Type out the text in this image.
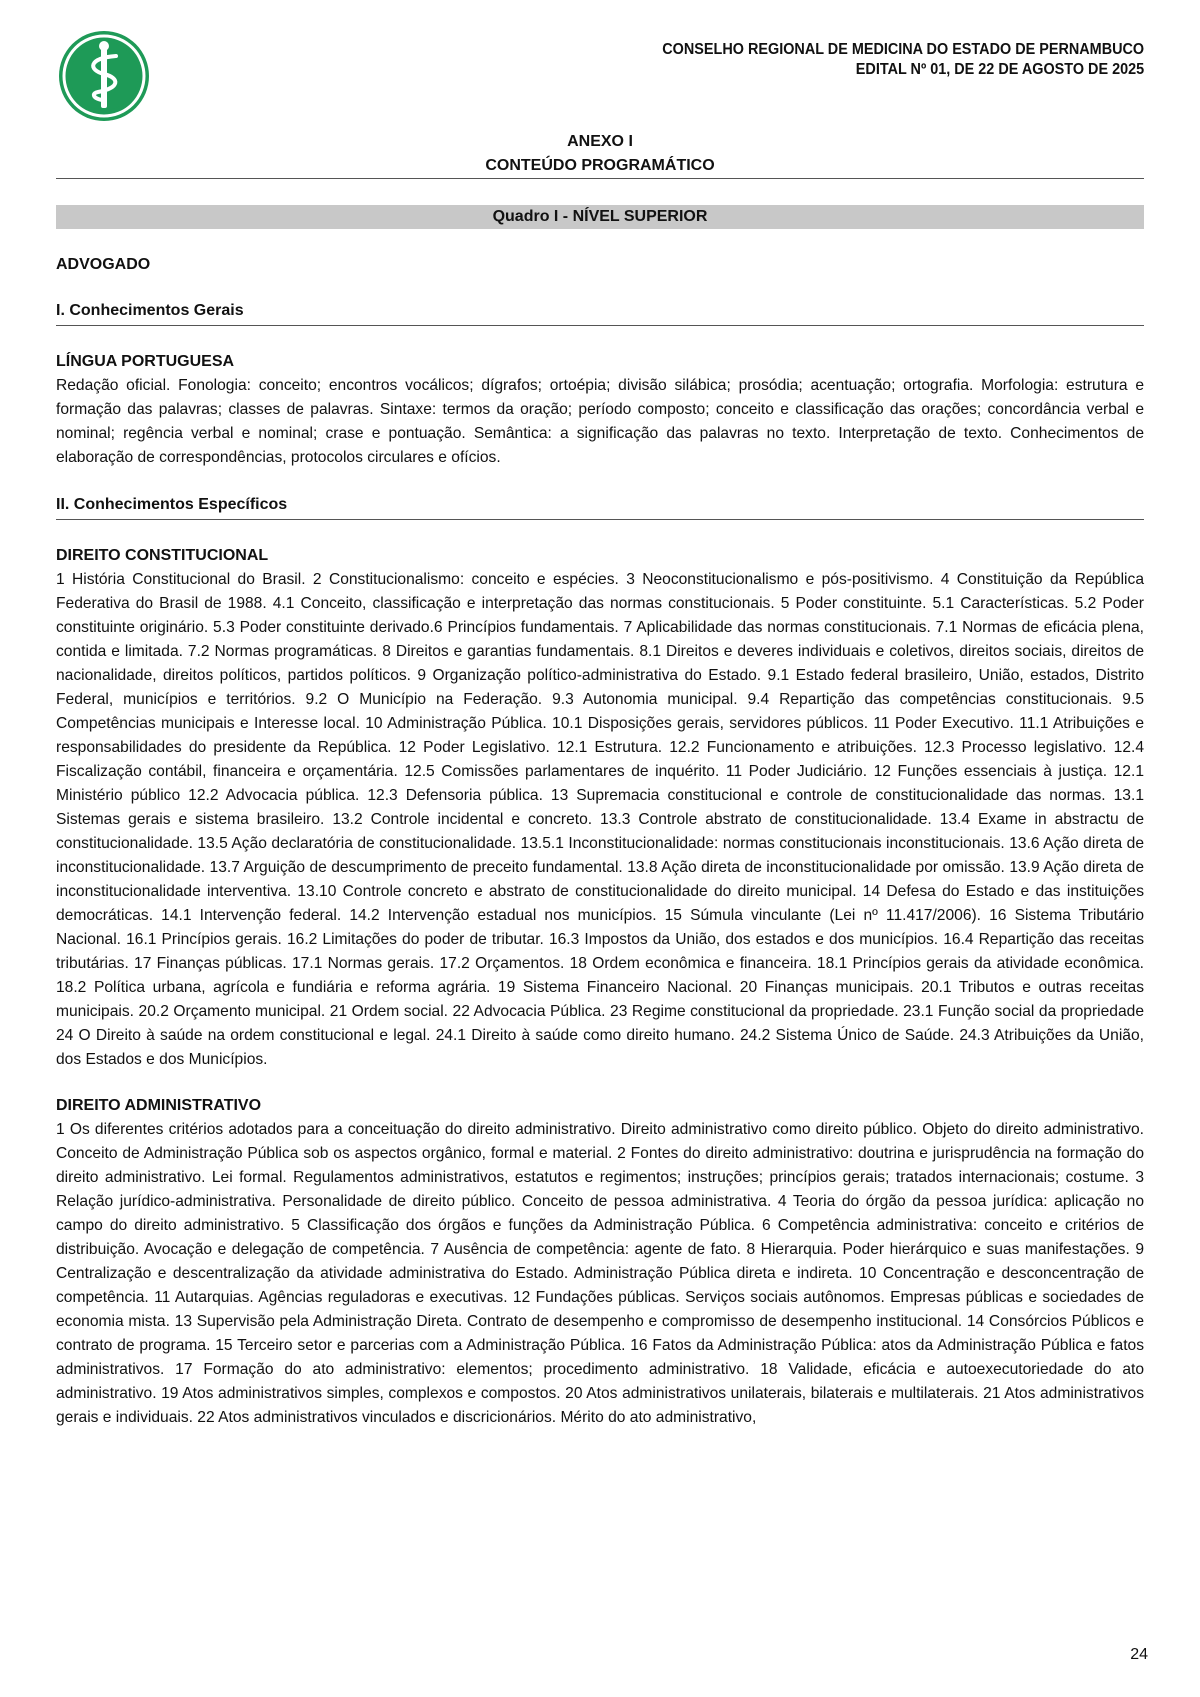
CONSELHO REGIONAL DE MEDICINA DO ESTADO DE PERNAMBUCO
EDITAL Nº 01, DE 22 DE AGOSTO DE 2025
ANEXO I
CONTEÚDO PROGRAMÁTICO
Quadro I - NÍVEL SUPERIOR
ADVOGADO
I. Conhecimentos Gerais
LÍNGUA PORTUGUESA

Redação oficial. Fonologia: conceito; encontros vocálicos; dígrafos; ortoépia; divisão silábica; prosódia; acentuação; ortografia. Morfologia: estrutura e formação das palavras; classes de palavras. Sintaxe: termos da oração; período composto; conceito e classificação das orações; concordância verbal e nominal; regência verbal e nominal; crase e pontuação. Semântica: a significação das palavras no texto. Interpretação de texto. Conhecimentos de elaboração de correspondências, protocolos circulares e ofícios.

II. Conhecimentos Específicos
DIREITO CONSTITUCIONAL

1 História Constitucional do Brasil. 2 Constitucionalismo: conceito e espécies. 3 Neoconstitucionalismo e pós-positivismo. 4 Constituição da República Federativa do Brasil de 1988. 4.1 Conceito, classificação e interpretação das normas constitucionais. 5 Poder constituinte. 5.1 Características. 5.2 Poder constituinte originário. 5.3 Poder constituinte derivado.6 Princípios fundamentais. 7 Aplicabilidade das normas constitucionais. 7.1 Normas de eficácia plena, contida e limitada. 7.2 Normas programáticas. 8 Direitos e garantias fundamentais. 8.1 Direitos e deveres individuais e coletivos, direitos sociais, direitos de nacionalidade, direitos políticos, partidos políticos. 9 Organização político-administrativa do Estado. 9.1 Estado federal brasileiro, União, estados, Distrito Federal, municípios e territórios. 9.2 O Município na Federação. 9.3 Autonomia municipal. 9.4 Repartição das competências constitucionais. 9.5 Competências municipais e Interesse local. 10 Administração Pública. 10.1 Disposições gerais, servidores públicos. 11 Poder Executivo. 11.1 Atribuições e responsabilidades do presidente da República. 12 Poder Legislativo. 12.1 Estrutura. 12.2 Funcionamento e atribuições. 12.3 Processo legislativo. 12.4 Fiscalização contábil, financeira e orçamentária. 12.5 Comissões parlamentares de inquérito. 11 Poder Judiciário. 12 Funções essenciais à justiça. 12.1 Ministério público 12.2 Advocacia pública. 12.3 Defensoria pública. 13 Supremacia constitucional e controle de constitucionalidade das normas. 13.1 Sistemas gerais e sistema brasileiro. 13.2 Controle incidental e concreto. 13.3 Controle abstrato de constitucionalidade. 13.4 Exame in abstractu de constitucionalidade. 13.5 Ação declaratória de constitucionalidade. 13.5.1 Inconstitucionalidade: normas constitucionais inconstitucionais. 13.6 Ação direta de inconstitucionalidade. 13.7 Arguição de descumprimento de preceito fundamental. 13.8 Ação direta de inconstitucionalidade por omissão. 13.9 Ação direta de inconstitucionalidade interventiva. 13.10 Controle concreto e abstrato de constitucionalidade do direito municipal. 14 Defesa do Estado e das instituições democráticas. 14.1 Intervenção federal. 14.2 Intervenção estadual nos municípios. 15 Súmula vinculante (Lei nº 11.417/2006). 16 Sistema Tributário Nacional. 16.1 Princípios gerais. 16.2 Limitações do poder de tributar. 16.3 Impostos da União, dos estados e dos municípios. 16.4 Repartição das receitas tributárias. 17 Finanças públicas. 17.1 Normas gerais. 17.2 Orçamentos. 18 Ordem econômica e financeira. 18.1 Princípios gerais da atividade econômica. 18.2 Política urbana, agrícola e fundiária e reforma agrária. 19 Sistema Financeiro Nacional. 20 Finanças municipais. 20.1 Tributos e outras receitas municipais. 20.2 Orçamento municipal. 21 Ordem social. 22 Advocacia Pública. 23 Regime constitucional da propriedade. 23.1 Função social da propriedade 24 O Direito à saúde na ordem constitucional e legal. 24.1 Direito à saúde como direito humano. 24.2 Sistema Único de Saúde. 24.3 Atribuições da União, dos Estados e dos Municípios.

DIREITO ADMINISTRATIVO

1 Os diferentes critérios adotados para a conceituação do direito administrativo. Direito administrativo como direito público. Objeto do direito administrativo. Conceito de Administração Pública sob os aspectos orgânico, formal e material. 2 Fontes do direito administrativo: doutrina e jurisprudência na formação do direito administrativo. Lei formal. Regulamentos administrativos, estatutos e regimentos; instruções; princípios gerais; tratados internacionais; costume. 3 Relação jurídico-administrativa. Personalidade de direito público. Conceito de pessoa administrativa. 4 Teoria do órgão da pessoa jurídica: aplicação no campo do direito administrativo. 5 Classificação dos órgãos e funções da Administração Pública. 6 Competência administrativa: conceito e critérios de distribuição. Avocação e delegação de competência. 7 Ausência de competência: agente de fato. 8 Hierarquia. Poder hierárquico e suas manifestações. 9 Centralização e descentralização da atividade administrativa do Estado. Administração Pública direta e indireta. 10 Concentração e desconcentração de competência. 11 Autarquias. Agências reguladoras e executivas. 12 Fundações públicas. Serviços sociais autônomos. Empresas públicas e sociedades de economia mista. 13 Supervisão pela Administração Direta. Contrato de desempenho e compromisso de desempenho institucional. 14 Consórcios Públicos e contrato de programa. 15 Terceiro setor e parcerias com a Administração Pública. 16 Fatos da Administração Pública: atos da Administração Pública e fatos administrativos. 17 Formação do ato administrativo: elementos; procedimento administrativo. 18 Validade, eficácia e autoexecutoriedade do ato administrativo. 19 Atos administrativos simples, complexos e compostos. 20 Atos administrativos unilaterais, bilaterais e multilaterais. 21 Atos administrativos gerais e individuais. 22 Atos administrativos vinculados e discricionários. Mérito do ato administrativo,

24
